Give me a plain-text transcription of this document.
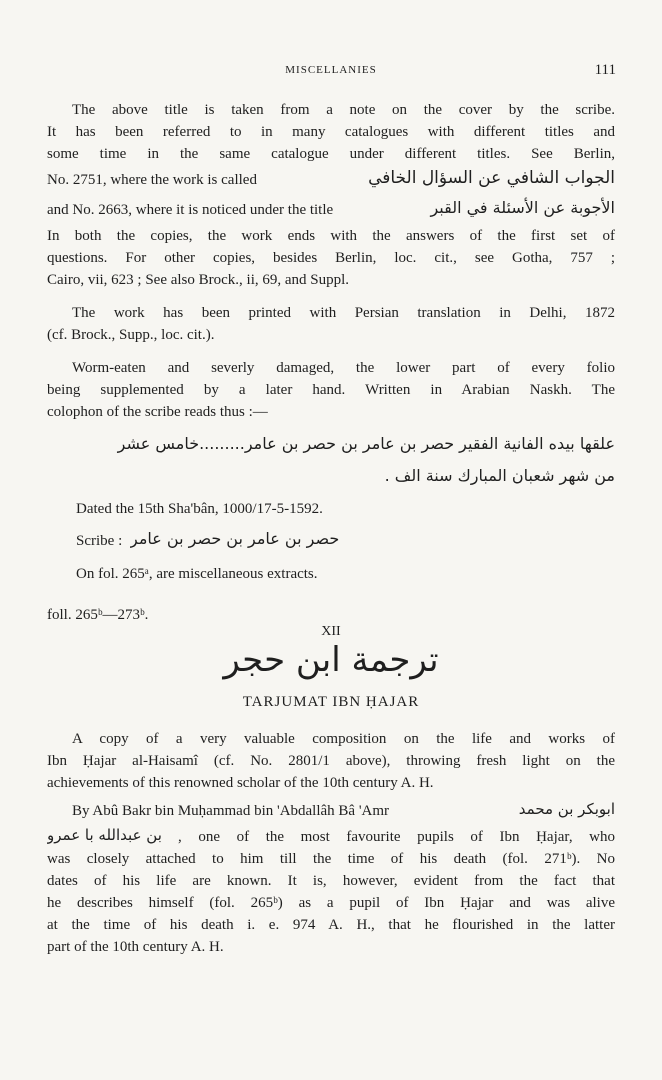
MISCELLANIES	111
The above title is taken from a note on the cover by the scribe.
It has been referred to in many catalogues with different titles and
some time in the same catalogue under different titles. See Berlin,
No. 2751, where the work is called	الجواب الشافي عن السؤال الخافي
and No. 2663, where it is noticed under the title	الأجوبة عن الأسئلة في القبر
In both the copies, the work ends with the answers of the first set of
questions. For other copies, besides Berlin, loc. cit., see Gotha, 757 ;
Cairo, vii, 623 ; See also Brock., ii, 69, and Suppl.
The work has been printed with Persian translation in Delhi, 1872
(cf. Brock., Supp., loc. cit.).
Worm-eaten and severly damaged, the lower part of every folio
being supplemented by a later hand. Written in Arabian Naskh. The
colophon of the scribe reads thus :—
علقها بيده الفانية الفقير حصر بن عامر بن حصر بن عامر.........خامس عشر
من شهر شعبان المبارك سنة الف .
Dated the 15th Sha'bân, 1000/17-5-1592.
Scribe : حصر بن عامر بن حصر بن عامر
On fol. 265ᵃ, are miscellaneous extracts.
foll. 265ᵇ—273ᵇ.
XII
ترجمة ابن حجر
TARJUMAT IBN ḤAJAR
A copy of a very valuable composition on the life and works of
Ibn Ḥajar al-Haisamî (cf. No. 2801/1 above), throwing fresh light on the
achievements of this renowned scholar of the 10th century A. H.
By Abû Bakr bin Muḥammad bin 'Abdallâh Bâ 'Amr	ابوبكر بن محمد
بن عبدالله با عمرو	, one of the most favourite pupils of Ibn Ḥajar, who
was closely attached to him till the time of his death (fol. 271ᵇ). No
dates of his life are known. It is, however, evident from the fact that
he describes himself (fol. 265ᵇ) as a pupil of Ibn Ḥajar and was alive
at the time of his death i. e. 974 A. H., that he flourished in the latter
part of the 10th century A. H.
